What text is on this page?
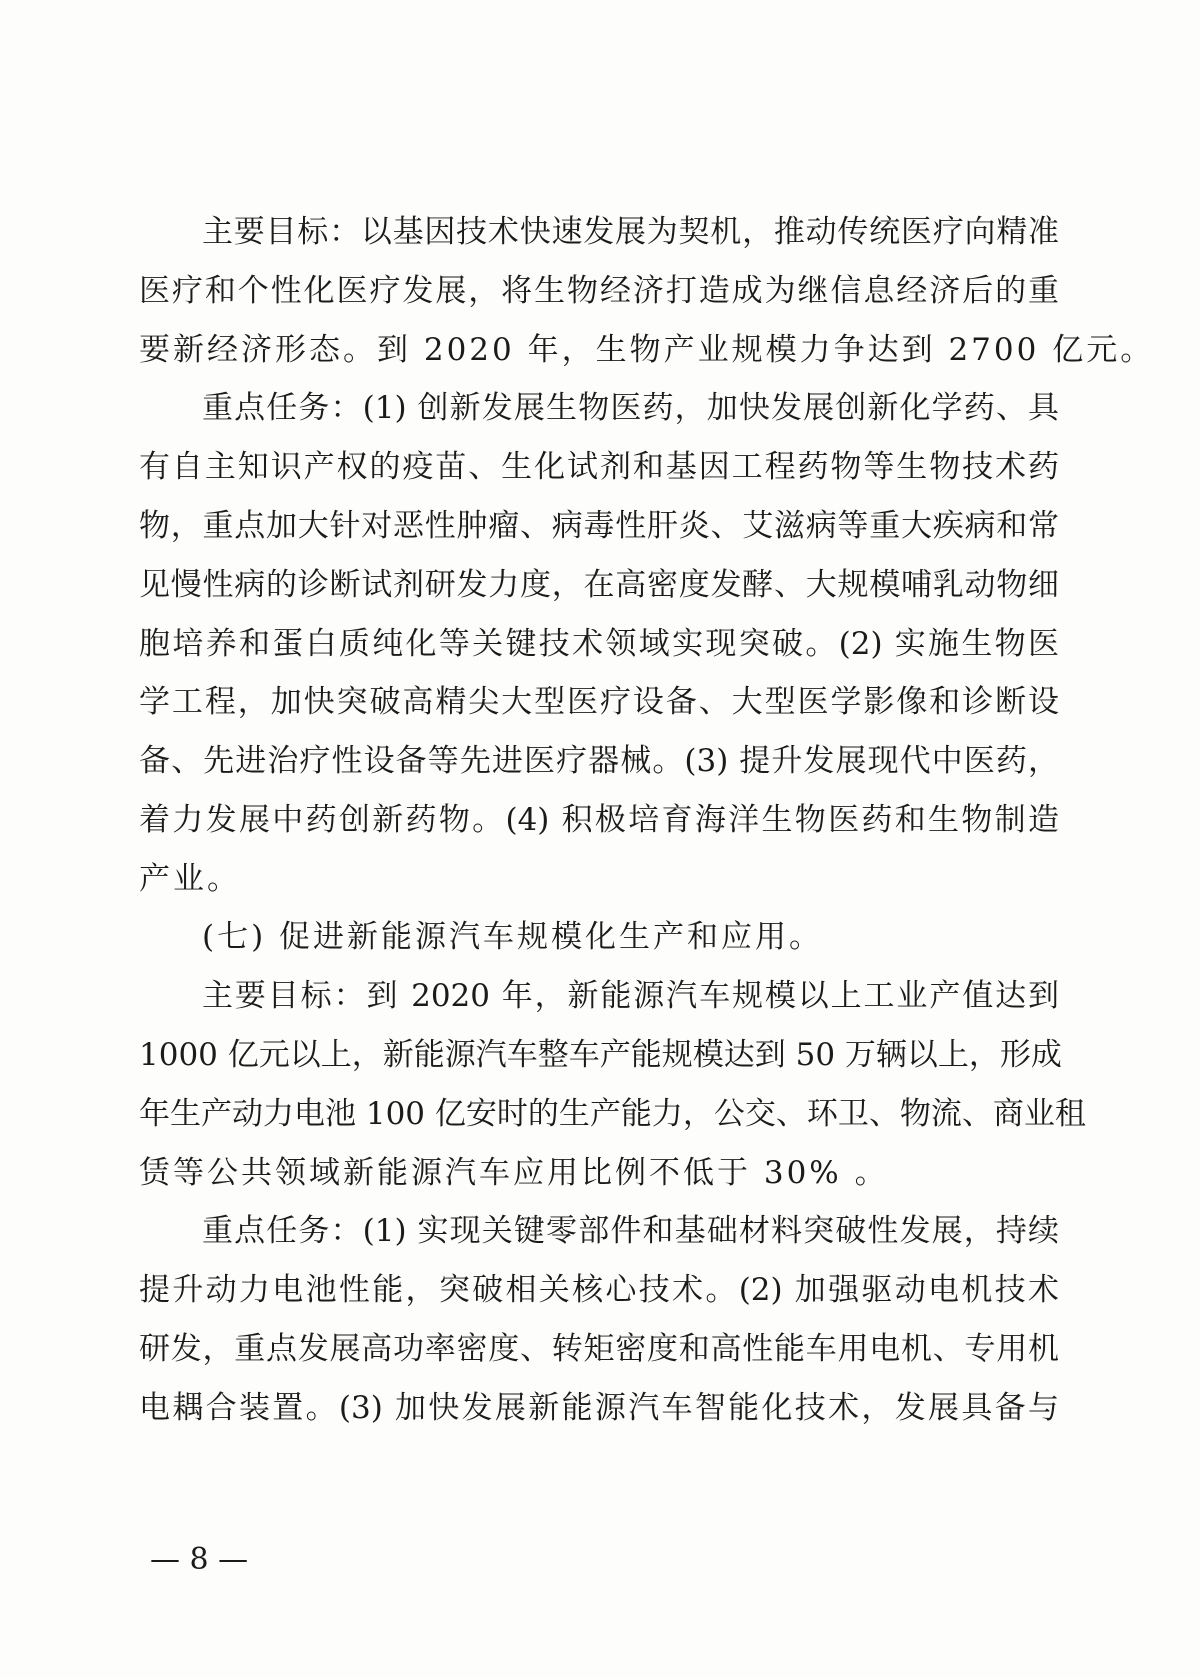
主要目标：以基因技术快速发展为契机，推动传统医疗向精准
医疗和个性化医疗发展，将生物经济打造成为继信息经济后的重
要新经济形态。到 2020 年，生物产业规模力争达到 2700 亿元。
重点任务：(1) 创新发展生物医药，加快发展创新化学药、具
有自主知识产权的疫苗、生化试剂和基因工程药物等生物技术药
物，重点加大针对恶性肿瘤、病毒性肝炎、艾滋病等重大疾病和常
见慢性病的诊断试剂研发力度，在高密度发酵、大规模哺乳动物细
胞培养和蛋白质纯化等关键技术领域实现突破。(2) 实施生物医
学工程，加快突破高精尖大型医疗设备、大型医学影像和诊断设
备、先进治疗性设备等先进医疗器械。(3) 提升发展现代中医药，
着力发展中药创新药物。(4) 积极培育海洋生物医药和生物制造
产业。
(七) 促进新能源汽车规模化生产和应用。
主要目标：到 2020 年，新能源汽车规模以上工业产值达到
1000 亿元以上，新能源汽车整车产能规模达到 50 万辆以上，形成
年生产动力电池 100 亿安时的生产能力，公交、环卫、物流、商业租
赁等公共领域新能源汽车应用比例不低于 30% 。
重点任务：(1) 实现关键零部件和基础材料突破性发展，持续
提升动力电池性能，突破相关核心技术。(2) 加强驱动电机技术
研发，重点发展高功率密度、转矩密度和高性能车用电机、专用机
电耦合装置。(3) 加快发展新能源汽车智能化技术，发展具备与
— 8 —
